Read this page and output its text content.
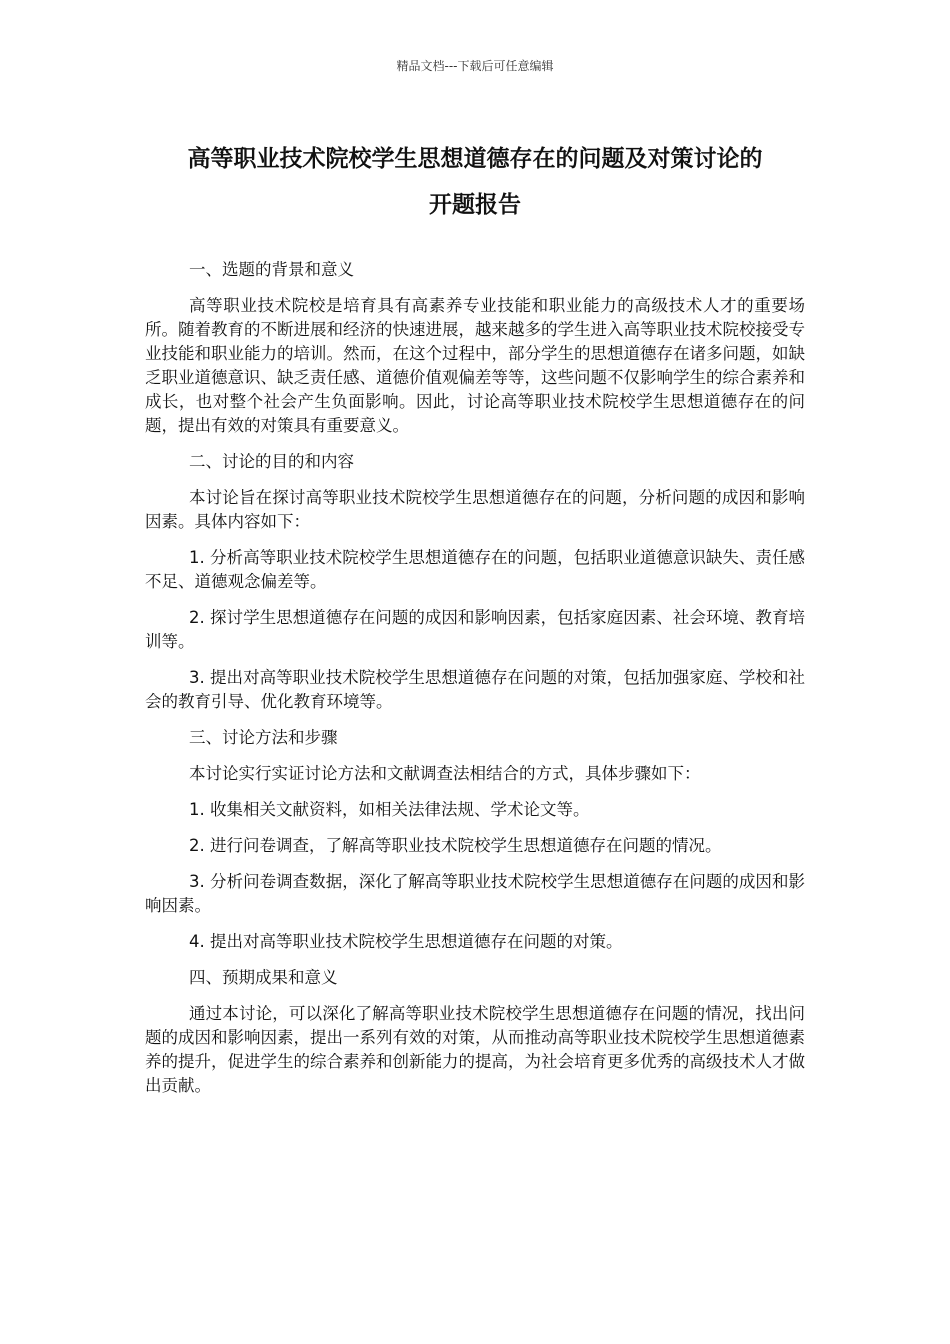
精品文档---下载后可任意编辑
高等职业技术院校学生思想道德存在的问题及对策讨论的
开题报告

一、选题的背景和意义

高等职业技术院校是培育具有高素养专业技能和职业能力的高级技术人才的重要场所。随着教育的不断进展和经济的快速进展，越来越多的学生进入高等职业技术院校接受专业技能和职业能力的培训。然而，在这个过程中，部分学生的思想道德存在诸多问题，如缺乏职业道德意识、缺乏责任感、道德价值观偏差等等，这些问题不仅影响学生的综合素养和成长，也对整个社会产生负面影响。因此，讨论高等职业技术院校学生思想道德存在的问题，提出有效的对策具有重要意义。

二、讨论的目的和内容

本讨论旨在探讨高等职业技术院校学生思想道德存在的问题，分析问题的成因和影响因素。具体内容如下：

1. 分析高等职业技术院校学生思想道德存在的问题，包括职业道德意识缺失、责任感不足、道德观念偏差等。

2. 探讨学生思想道德存在问题的成因和影响因素，包括家庭因素、社会环境、教育培训等。

3. 提出对高等职业技术院校学生思想道德存在问题的对策，包括加强家庭、学校和社会的教育引导、优化教育环境等。

三、讨论方法和步骤

本讨论实行实证讨论方法和文献调查法相结合的方式，具体步骤如下：

1. 收集相关文献资料，如相关法律法规、学术论文等。

2. 进行问卷调查，了解高等职业技术院校学生思想道德存在问题的情况。

3. 分析问卷调查数据，深化了解高等职业技术院校学生思想道德存在问题的成因和影响因素。

4. 提出对高等职业技术院校学生思想道德存在问题的对策。

四、预期成果和意义

通过本讨论，可以深化了解高等职业技术院校学生思想道德存在问题的情况，找出问题的成因和影响因素，提出一系列有效的对策，从而推动高等职业技术院校学生思想道德素养的提升，促进学生的综合素养和创新能力的提高，为社会培育更多优秀的高级技术人才做出贡献。
